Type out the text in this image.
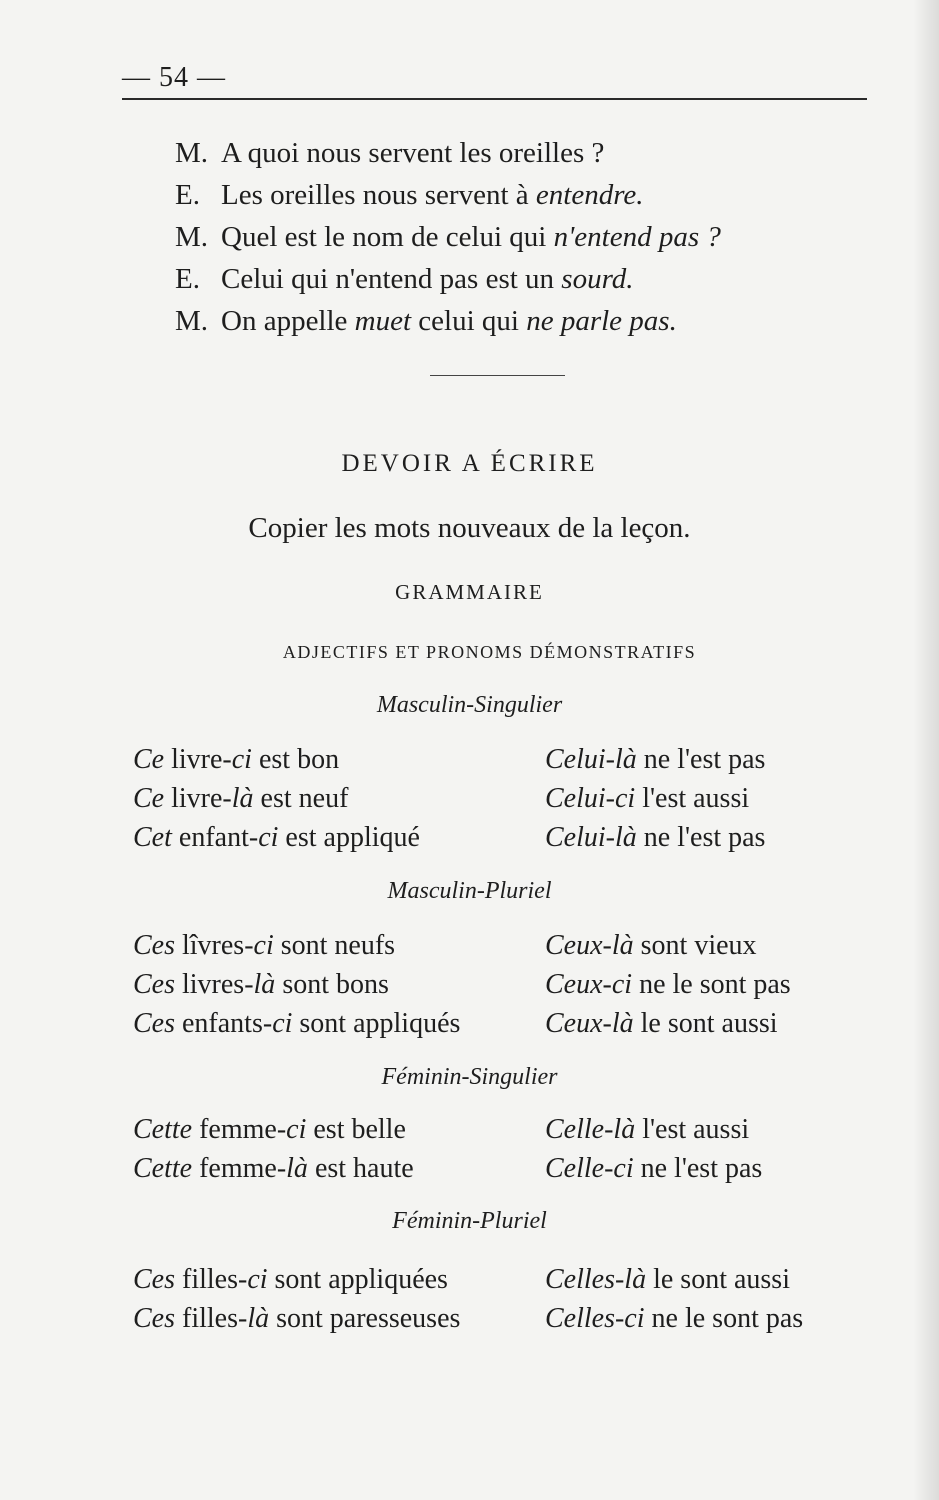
— 54 —
M. A quoi nous servent les oreilles ?
E. Les oreilles nous servent à entendre.
M. Quel est le nom de celui qui n'entend pas ?
E. Celui qui n'entend pas est un sourd.
M. On appelle muet celui qui ne parle pas.
DEVOIR A ÉCRIRE
Copier les mots nouveaux de la leçon.
GRAMMAIRE
ADJECTIFS ET PRONOMS DÉMONSTRATIFS
Masculin-Singulier
Ce livre-ci est bon	Celui-là ne l'est pas
Ce livre-là est neuf	Celui-ci l'est aussi
Cet enfant-ci est appliqué	Celui-là ne l'est pas
Masculin-Pluriel
Ces lîvres-ci sont neufs	Ceux-là sont vieux
Ces livres-là sont bons	Ceux-ci ne le sont pas
Ces enfants-ci sont appliqués	Ceux-là le sont aussi
Féminin-Singulier
Cette femme-ci est belle	Celle-là l'est aussi
Cette femme-là est haute	Celle-ci ne l'est pas
Féminin-Pluriel
Ces filles-ci sont appliquées	Celles-là le sont aussi
Ces filles-là sont paresseuses	Celles-ci ne le sont pas
